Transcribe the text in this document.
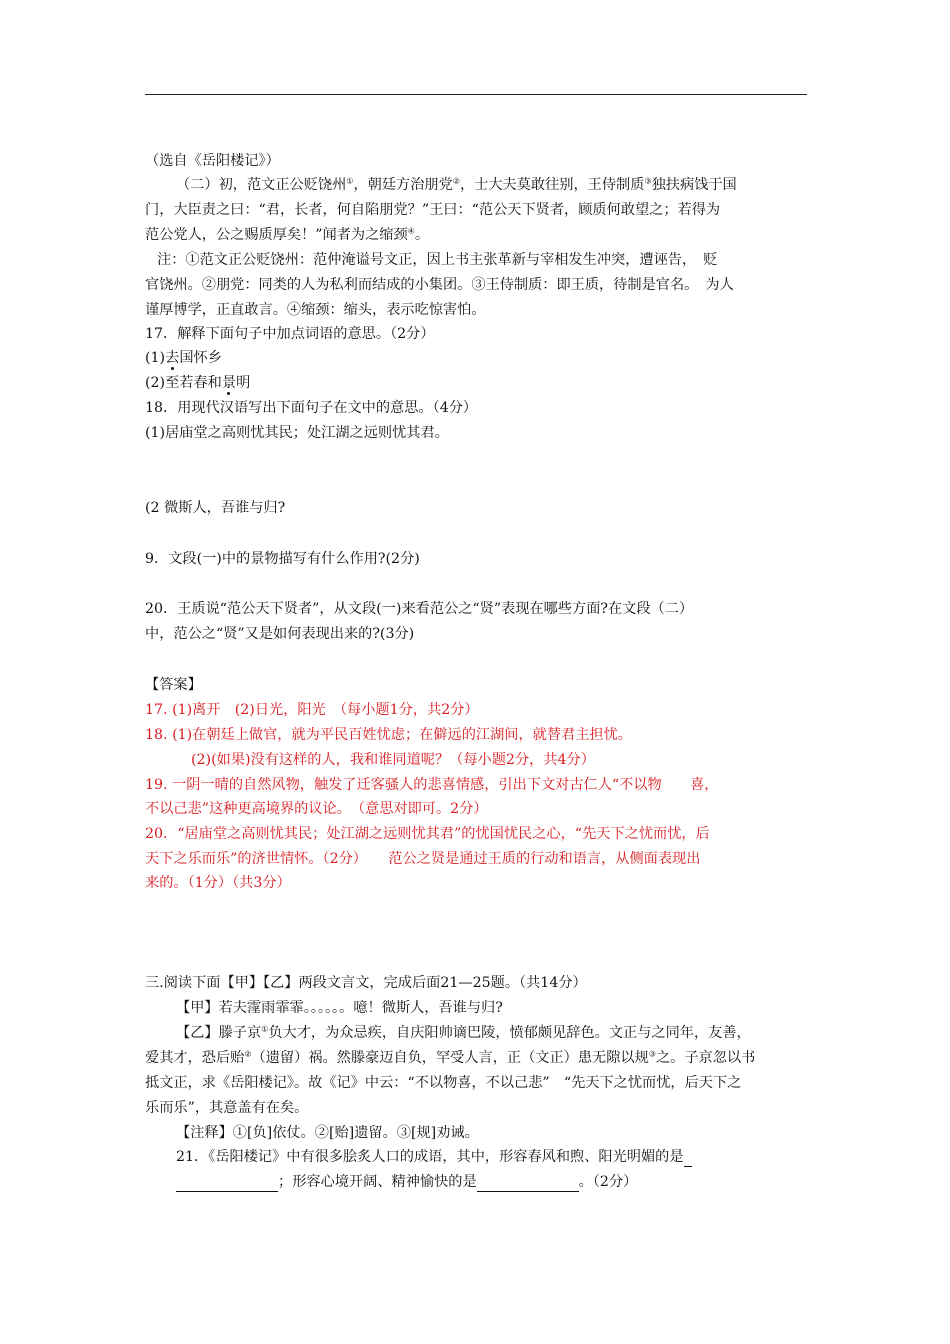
（选自《岳阳楼记》）
（二）初，范文正公贬饶州①，朝廷方治朋党②，士大夫莫敢往别，王侍制质③独扶病饯于国
门，大臣责之曰：“君，长者，何自陷朋党？”王曰：“范公天下贤者，顾质何敢望之；若得为
范公党人，公之赐质厚矣！”闻者为之缩颈④。
注：①范文正公贬饶州：范仲淹谥号文正，因上书主张革新与宰相发生冲突，遭诬告，　贬
官饶州。②朋党：同类的人为私利而结成的小集团。③王侍制质：即王质，待制是官名。　为人
谨厚博学，正直敢言。④缩颈：缩头，表示吃惊害怕。
17．解释下面句子中加点词语的意思。（2分）
(1)去国怀乡
(2)至若春和景明
18．用现代汉语写出下面句子在文中的意思。（4分）
(1)居庙堂之高则忧其民；处江湖之远则忧其君。
(2 微斯人，吾谁与归?
9．文段(一)中的景物描写有什么作用?(2分)
20．王质说“范公天下贤者”，从文段(一)来看范公之“贤”表现在哪些方面?在文段（二）
中，范公之“贤”又是如何表现出来的?(3分)
【答案】
17. (1)离开　(2)日光，阳光　（每小题1分，共2分）
18. (1)在朝廷上做官，就为平民百姓忧虑；在僻远的江湖间，就替君主担忧。
(2)(如果)没有这样的人，我和谁同道呢？（每小题2分，共4分）
19. 一阴一晴的自然风物，触发了迁客骚人的悲喜情感，引出下文对古仁人“不以物　　喜，
不以己悲”这种更高境界的议论。　（意思对即可。2分）
20．“居庙堂之高则忧其民；处江湖之远则忧其君”的忧国忧民之心，“先天下之忧而忧，后
天下之乐而乐”的济世情怀。（2分）　　范公之贤是通过王质的行动和语言，从侧面表现出
来的。（1分）（共3分）
三.阅读下面【甲】【乙】两段文言文，完成后面21—25题。（共14分）
【甲】若夫霪雨霏霏。。。。。。噫！微斯人，吾谁与归?
【乙】滕子京①负大才，为众忌疾，自庆阳帅谪巴陵，愤郁颇见辞色。文正与之同年，友善，
爱其才，恐后贻②（遗留）祸。然滕豪迈自负，罕受人言，正（文正）患无隙以规③之。子京忽以书
抵文正，求《岳阳楼记》。故《记》中云：“不以物喜，不以己悲”　“先天下之忧而忧，后天下之
乐而乐”，其意盖有在矣。
【注释】①[负]依仗。②[贻]遗留。③[规]劝诫。
21．《岳阳楼记》中有很多脍炙人口的成语，其中，形容春风和煦、阳光明媚的是
；形容心境开阔、精神愉快的是	。（2分）
